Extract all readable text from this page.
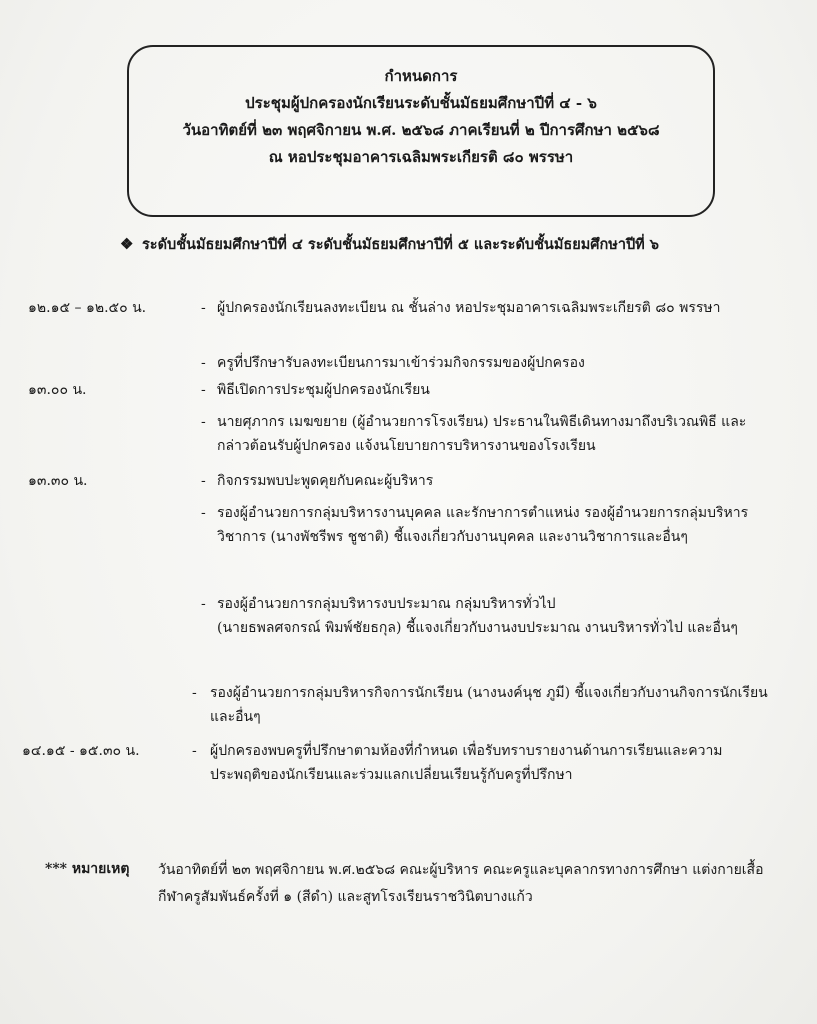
กำหนดการ
ประชุมผู้ปกครองนักเรียนระดับชั้นมัธยมศึกษาปีที่ ๔ - ๖
วันอาทิตย์ที่ ๒๓ พฤศจิกายน พ.ศ. ๒๕๖๘ ภาคเรียนที่ ๒ ปีการศึกษา ๒๕๖๘
ณ หอประชุมอาคารเฉลิมพระเกียรติ ๘๐ พรรษา
❖ ระดับชั้นมัธยมศึกษาปีที่ ๔ ระดับชั้นมัธยมศึกษาปีที่ ๕ และระดับชั้นมัธยมศึกษาปีที่ ๖
๑๒.๑๕ – ๑๒.๕๐ น.	- ผู้ปกครองนักเรียนลงทะเบียน ณ ชั้นล่าง หอประชุมอาคารเฉลิมพระเกียรติ ๘๐ พรรษา
- ครูที่ปรึกษารับลงทะเบียนการมาเข้าร่วมกิจกรรมของผู้ปกครอง
๑๓.๐๐ น.	- พิธีเปิดการประชุมผู้ปกครองนักเรียน
- นายศุภากร เมฆขยาย (ผู้อำนวยการโรงเรียน) ประธานในพิธีเดินทางมาถึงบริเวณพิธี และกล่าวต้อนรับผู้ปกครอง แจ้งนโยบายการบริหารงานของโรงเรียน
๑๓.๓๐ น.	- กิจกรรมพบปะพูดคุยกับคณะผู้บริหาร
- รองผู้อำนวยการกลุ่มบริหารงานบุคคล และรักษาการตำแหน่ง รองผู้อำนวยการกลุ่มบริหารวิชาการ (นางพัชรีพร ชูชาติ) ชี้แจงเกี่ยวกับงานบุคคล และงานวิชาการและอื่นๆ
- รองผู้อำนวยการกลุ่มบริหารงบประมาณ กลุ่มบริหารทั่วไป
(นายธพลศจกรณ์ พิมพ์ชัยธกุล) ชี้แจงเกี่ยวกับงานงบประมาณ งานบริหารทั่วไป และอื่นๆ
- รองผู้อำนวยการกลุ่มบริหารกิจการนักเรียน (นางนงค์นุช ภูมี) ชี้แจงเกี่ยวกับงานกิจการนักเรียนและอื่นๆ
๑๔.๑๕ - ๑๕.๓๐ น.	- ผู้ปกครองพบครูที่ปรึกษาตามห้องที่กำหนด เพื่อรับทราบรายงานด้านการเรียนและความประพฤติของนักเรียนและร่วมแลกเปลี่ยนเรียนรู้กับครูที่ปรึกษา
*** หมายเหตุ วันอาทิตย์ที่ ๒๓ พฤศจิกายน พ.ศ.๒๕๖๘ คณะผู้บริหาร คณะครูและบุคลากรทางการศึกษา แต่งกายเสื้อกีฬาครูสัมพันธ์ครั้งที่ ๑ (สีดำ) และสูทโรงเรียนราชวินิตบางแก้ว
